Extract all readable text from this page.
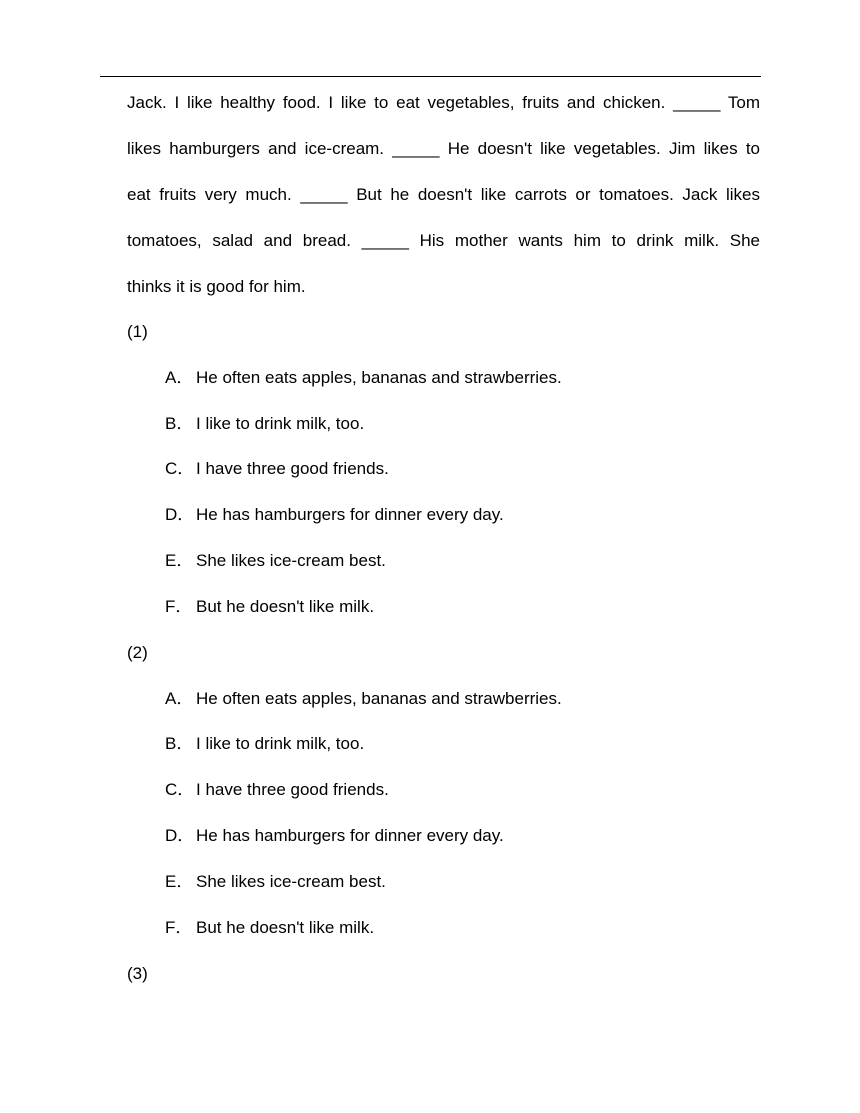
Jack. I like healthy food. I like to eat vegetables, fruits and chicken. _____ Tom
likes hamburgers and ice-cream. _____ He doesn't like vegetables. Jim likes to
eat fruits very much. _____ But he doesn't like carrots or tomatoes. Jack likes
tomatoes, salad and bread. _____ His mother wants him to drink milk. She
thinks it is good for him.
(1)
A． He often eats apples, bananas and strawberries.
B． I like to drink milk, too.
C． I have three good friends.
D． He has hamburgers for dinner every day.
E． She likes ice-cream best.
F． But he doesn't like milk.
(2)
A． He often eats apples, bananas and strawberries.
B． I like to drink milk, too.
C． I have three good friends.
D． He has hamburgers for dinner every day.
E． She likes ice-cream best.
F． But he doesn't like milk.
(3)
